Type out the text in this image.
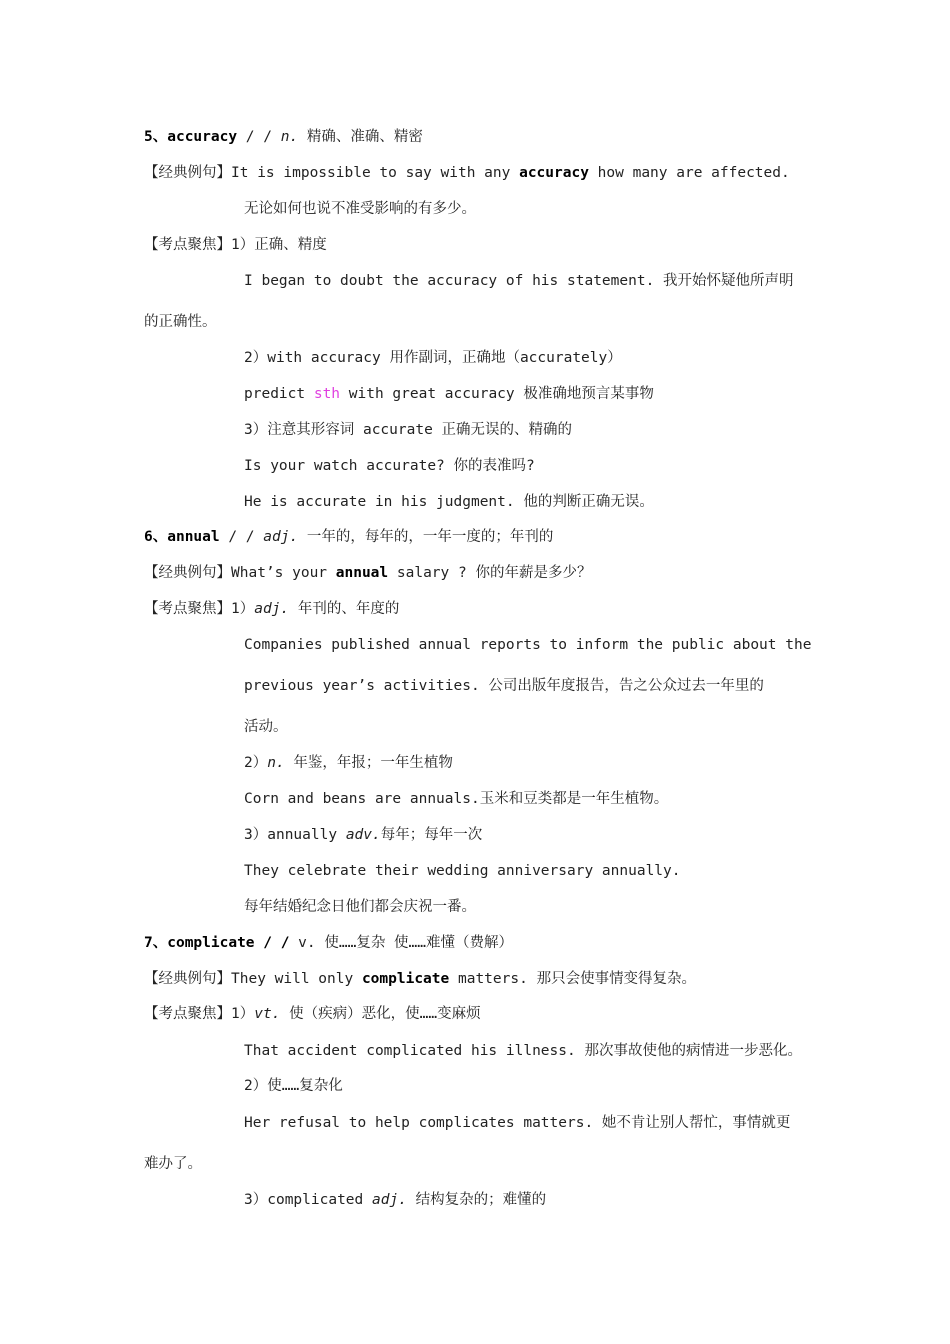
5、accuracy / / n. 精确、准确、精密
【经典例句】It is impossible to say with any accuracy how many are affected.
无论如何也说不准受影响的有多少。
【考点聚焦】1）正确、精度
I began to doubt the accuracy of his statement. 我开始怀疑他所声明
的正确性。
2）with accuracy 用作副词，正确地（accurately）
predict sth with great accuracy 极准确地预言某事物
3）注意其形容词 accurate 正确无误的、精确的
Is your watch accurate? 你的表准吗?
He is accurate in his judgment. 他的判断正确无误。
6、annual / / adj. 一年的，每年的，一年一度的；年刊的
【经典例句】What’s your annual salary ? 你的年薪是多少？
【考点聚焦】1）adj. 年刊的、年度的
Companies published annual reports to inform the public about the
previous year’s activities. 公司出版年度报告，告之公众过去一年里的
活动。
2）n. 年鉴，年报；一年生植物
Corn and beans are annuals.玉米和豆类都是一年生植物。
3）annually adv.每年；每年一次
They celebrate their wedding anniversary annually.
每年结婚纪念日他们都会庆祝一番。
7、complicate / / v. 使……复杂 使……难懂（费解）
【经典例句】They will only complicate matters. 那只会使事情变得复杂。
【考点聚焦】1）vt. 使（疾病）恶化，使……变麻烦
That accident complicated his illness. 那次事故使他的病情进一步恶化。
2）使……复杂化
Her refusal to help complicates matters. 她不肯让别人帮忙，事情就更
难办了。
3）complicated adj. 结构复杂的；难懂的
